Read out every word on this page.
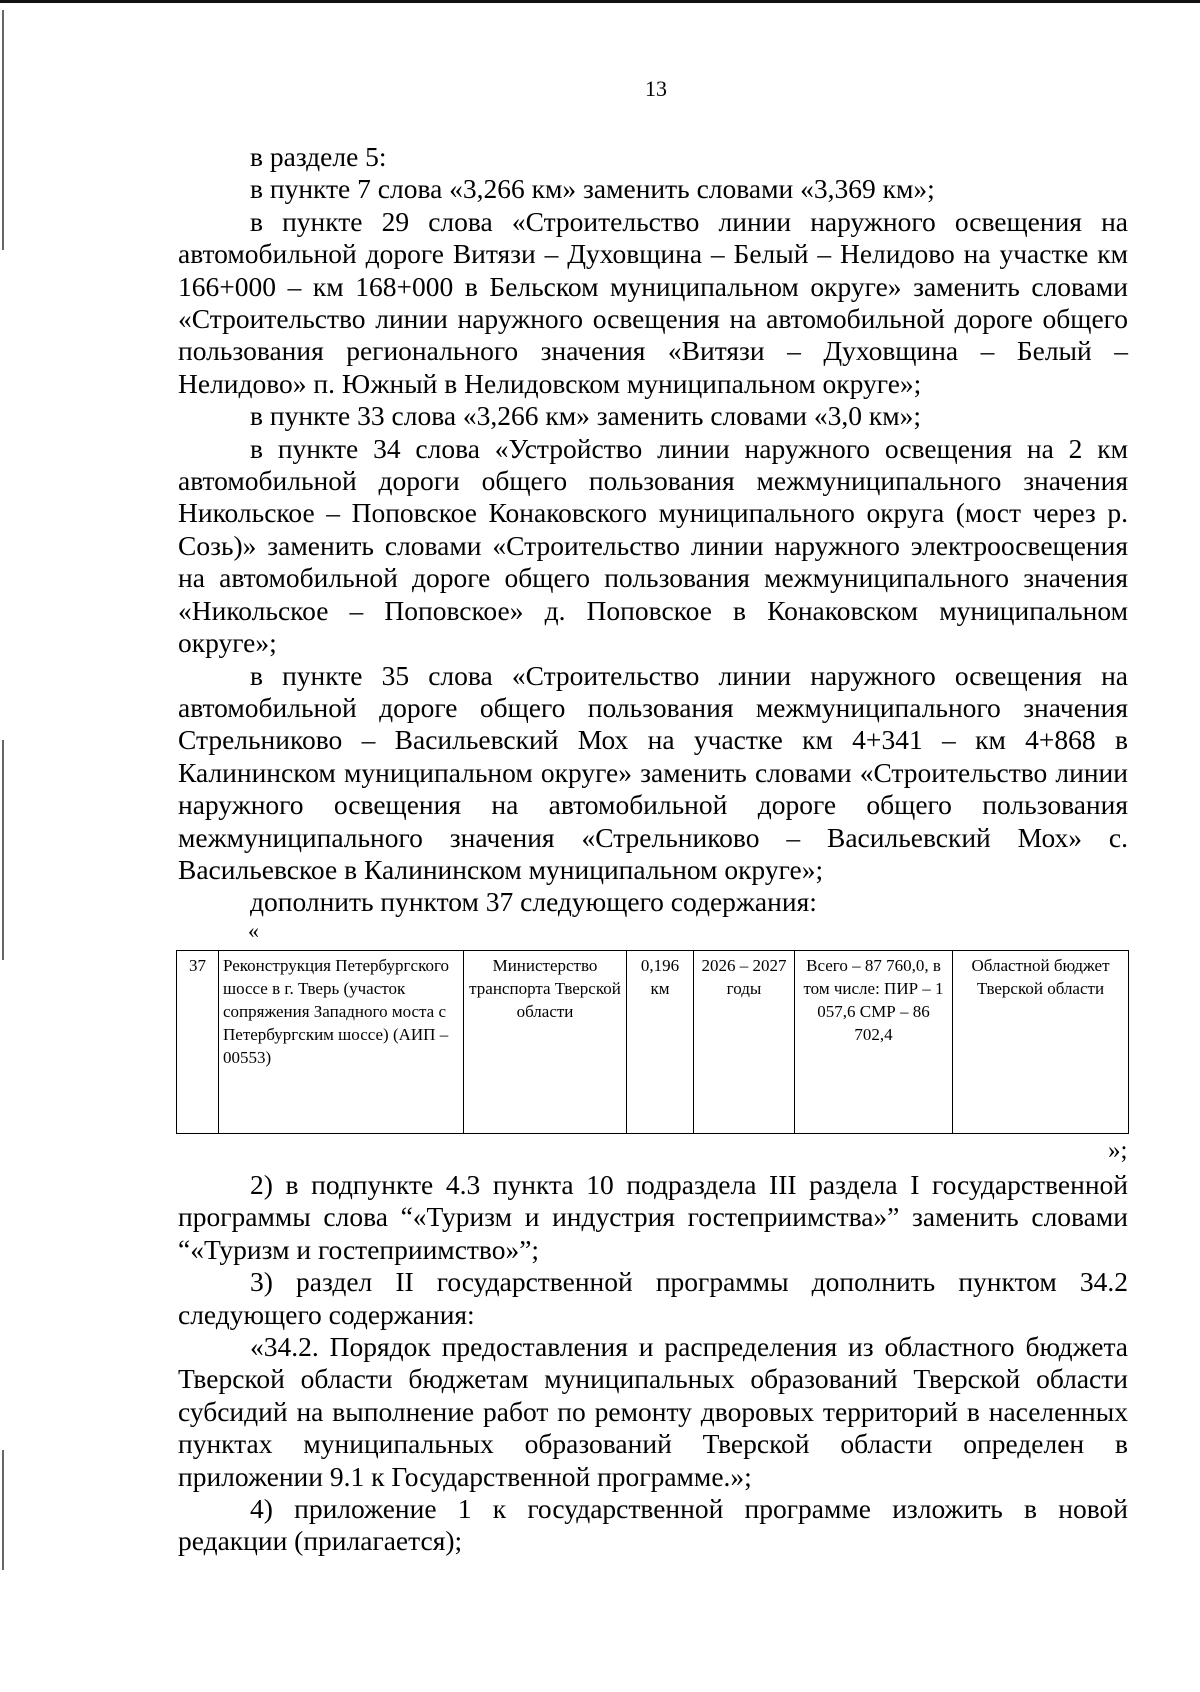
13

в разделе 5:

в пункте 7 слова «3,266 км» заменить словами «3,369 км»;

в пункте 29 слова «Строительство линии наружного освещения на автомобильной дороге Витязи – Духовщина – Белый – Нелидово на участке км 166+000 – км 168+000 в Бельском муниципальном округе» заменить словами «Строительство линии наружного освещения на автомобильной дороге общего пользования регионального значения «Витязи – Духовщина – Белый – Нелидово» п. Южный в Нелидовском муниципальном округе»;

в пункте 33 слова «3,266 км» заменить словами «3,0 км»;

в пункте 34 слова «Устройство линии наружного освещения на 2 км автомобильной дороги общего пользования межмуниципального значения Никольское – Поповское Конаковского муниципального округа (мост через р. Созь)» заменить словами «Строительство линии наружного электроосвещения на автомобильной дороге общего пользования межмуниципального значения «Никольское – Поповское» д. Поповское в Конаковском муниципальном округе»;

в пункте 35 слова «Строительство линии наружного освещения на автомобильной дороге общего пользования межмуниципального значения Стрельниково – Васильевский Мох на участке км 4+341 – км 4+868 в Калининском муниципальном округе» заменить словами «Строительство линии наружного освещения на автомобильной дороге общего пользования межмуниципального значения «Стрельниково – Васильевский Мох» с. Васильевское в Калининском муниципальном округе»;

дополнить пунктом 37 следующего содержания:

«
37	Реконструкция Петербургского шоссе в г. Тверь (участок сопряжения Западного моста с Петербургским шоссе) (АИП – 00553)	Министерство транспорта Тверской области	0,196 км	2026 – 2027 годы	Всего – 87 760,0, в том числе: ПИР – 1 057,6 СМР – 86 702,4	Областной бюджет Тверской области
»;

2) в подпункте 4.3 пункта 10 подраздела III раздела I государственной программы слова “«Туризм и индустрия гостеприимства»” заменить словами “«Туризм и гостеприимство»”;

3) раздел II государственной программы дополнить пунктом 34.2 следующего содержания:

«34.2. Порядок предоставления и распределения из областного бюджета Тверской области бюджетам муниципальных образований Тверской области субсидий на выполнение работ по ремонту дворовых территорий в населенных пунктах муниципальных образований Тверской области определен в приложении 9.1 к Государственной программе.»;

4) приложение 1 к государственной программе изложить в новой редакции (прилагается);
